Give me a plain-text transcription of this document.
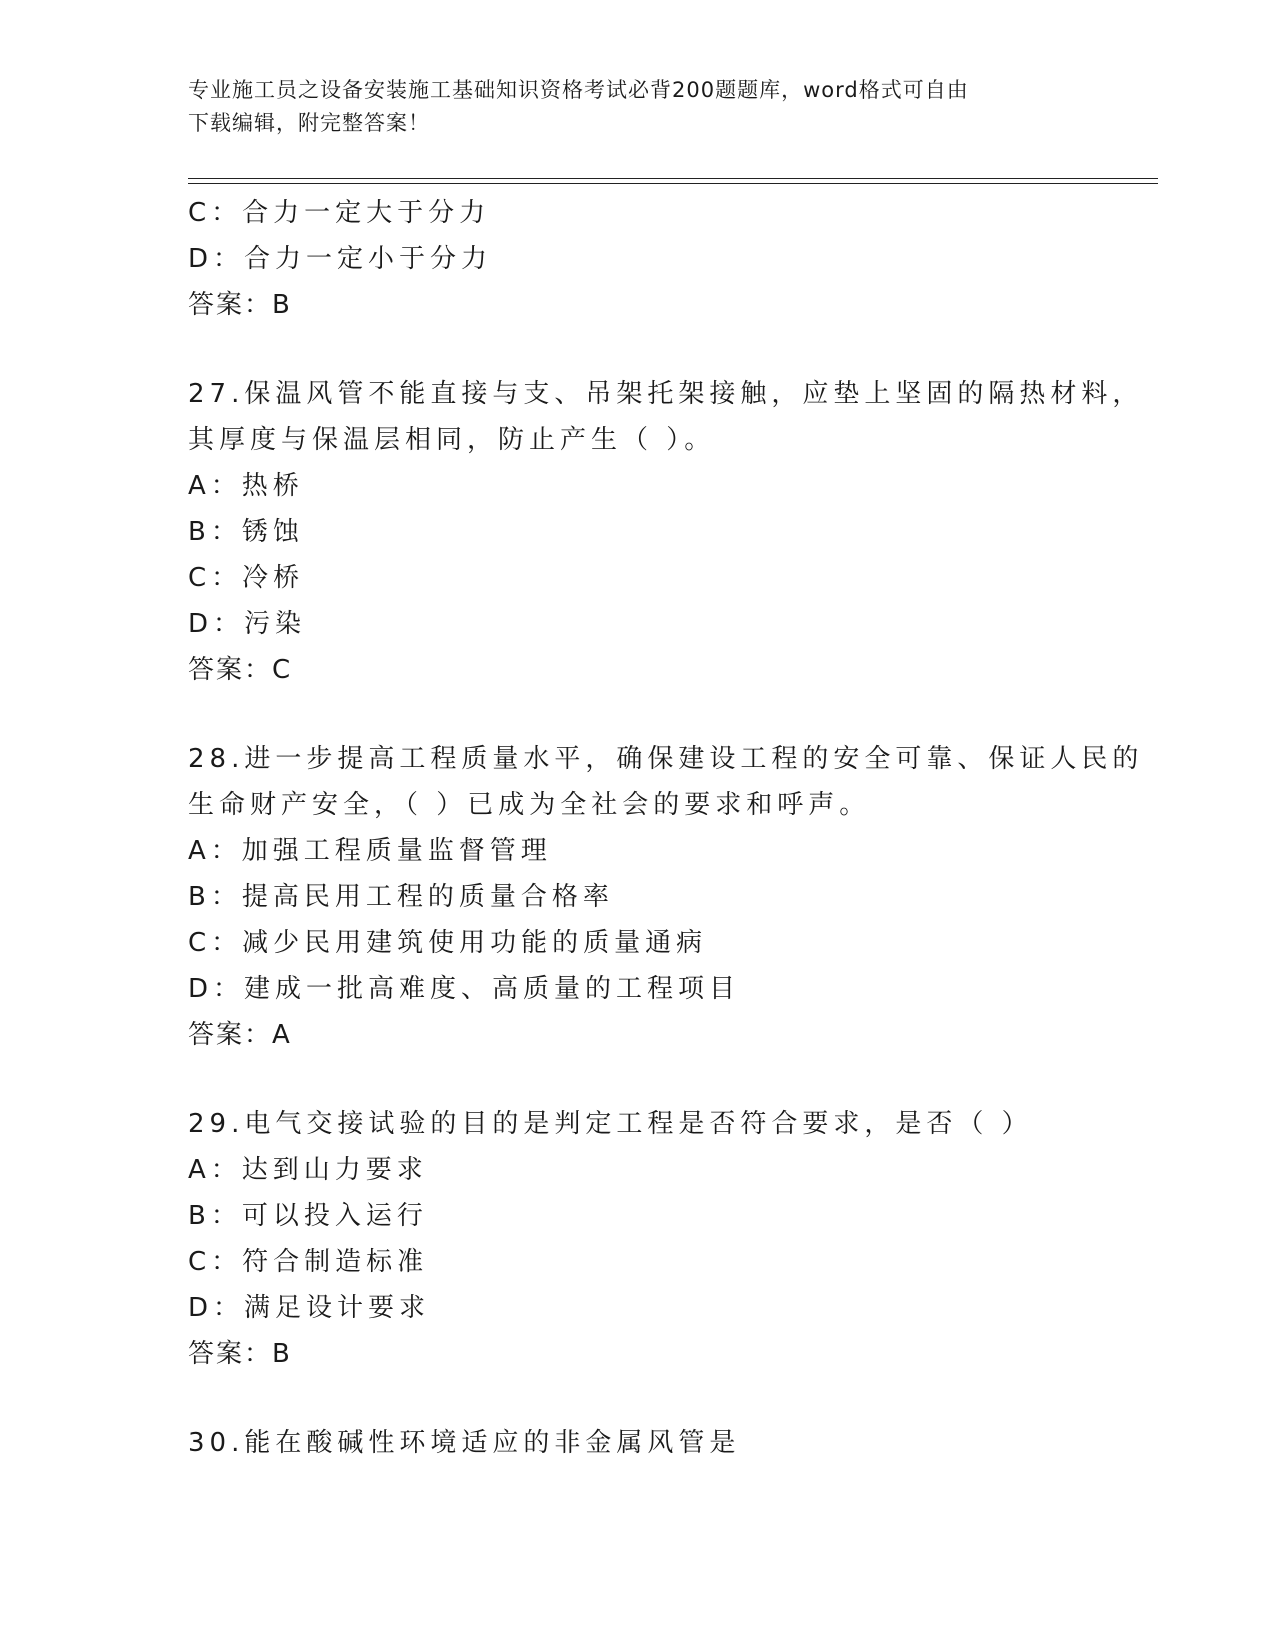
专业施工员之设备安装施工基础知识资格考试必背200题题库，word格式可自由
下载编辑，附完整答案！
C：合力一定大于分力
D：合力一定小于分力
答案：B
27.保温风管不能直接与支、吊架托架接触，应垫上坚固的隔热材料，
其厚度与保温层相同，防止产生（ ）。
A：热桥
B：锈蚀
C：冷桥
D：污染
答案：C
28.进一步提高工程质量水平，确保建设工程的安全可靠、保证人民的
生命财产安全，（ ）已成为全社会的要求和呼声。
A：加强工程质量监督管理
B：提高民用工程的质量合格率
C：减少民用建筑使用功能的质量通病
D：建成一批高难度、高质量的工程项目
答案：A
29.电气交接试验的目的是判定工程是否符合要求，是否（ ）
A：达到山力要求
B：可以投入运行
C：符合制造标准
D：满足设计要求
答案：B
30.能在酸碱性环境适应的非金属风管是
